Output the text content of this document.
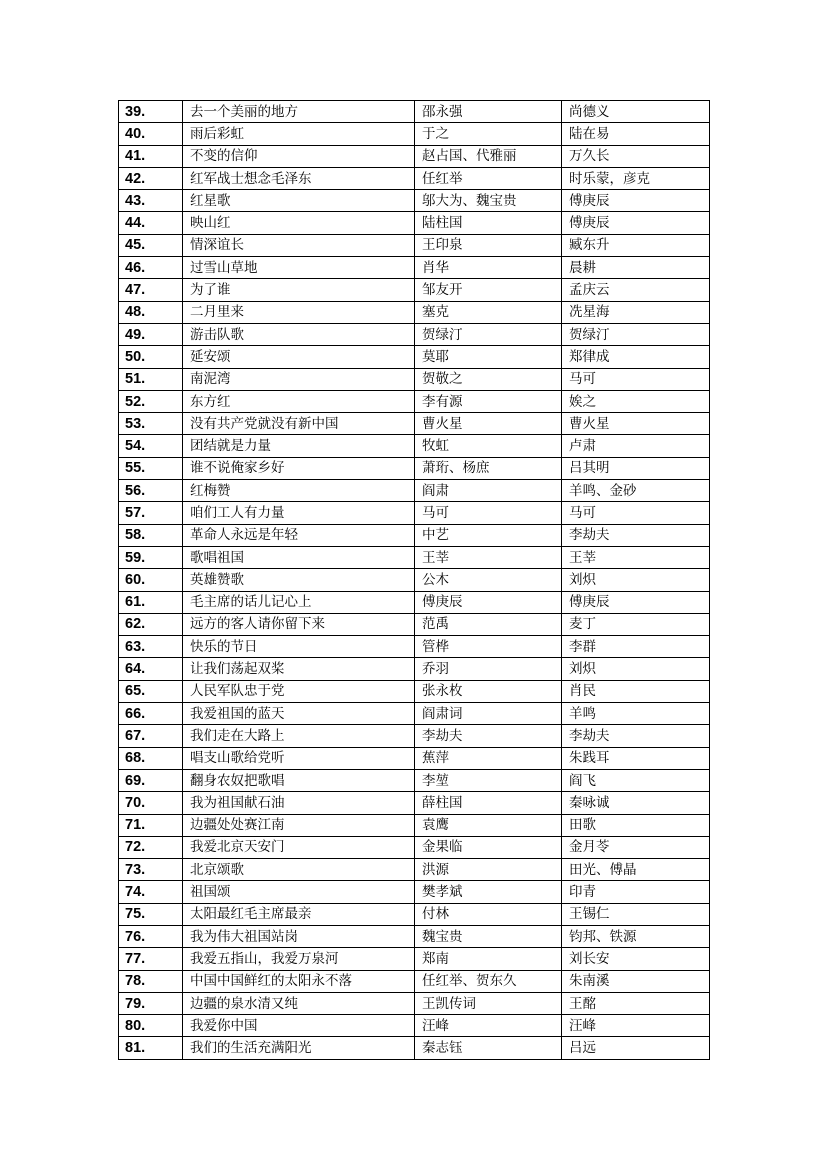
39.	去一个美丽的地方	邵永强	尚德义
40.	雨后彩虹	于之	陆在易
41.	不变的信仰	赵占国、代雅丽	万久长
42.	红军战士想念毛泽东	任红举	时乐蒙，彦克
43.	红星歌	邬大为、魏宝贵	傅庚辰
44.	映山红	陆柱国	傅庚辰
45.	情深谊长	王印泉	臧东升
46.	过雪山草地	肖华	晨耕
47.	为了谁	邹友开	孟庆云
48.	二月里来	塞克	冼星海
49.	游击队歌	贺绿汀	贺绿汀
50.	延安颂	莫耶	郑律成
51.	南泥湾	贺敬之	马可
52.	东方红	李有源	娭之
53.	没有共产党就没有新中国	曹火星	曹火星
54.	团结就是力量	牧虹	卢肃
55.	谁不说俺家乡好	萧珩、杨庶	吕其明
56.	红梅赞	阎肃	羊鸣、金砂
57.	咱们工人有力量	马可	马可
58.	革命人永远是年轻	中艺	李劫夫
59.	歌唱祖国	王莘	王莘
60.	英雄赞歌	公木	刘炽
61.	毛主席的话儿记心上	傅庚辰	傅庚辰
62.	远方的客人请你留下来	范禹	麦丁
63.	快乐的节日	管桦	李群
64.	让我们荡起双桨	乔羽	刘炽
65.	人民军队忠于党	张永枚	肖民
66.	我爱祖国的蓝天	阎肃词	羊鸣
67.	我们走在大路上	李劫夫	李劫夫
68.	唱支山歌给党听	蕉萍	朱践耳
69.	翻身农奴把歌唱	李堃	阎飞
70.	我为祖国献石油	薛柱国	秦咏诚
71.	边疆处处赛江南	袁鹰	田歌
72.	我爱北京天安门	金果临	金月苓
73.	北京颂歌	洪源	田光、傅晶
74.	祖国颂	樊孝斌	印青
75.	太阳最红毛主席最亲	付林	王锡仁
76.	我为伟大祖国站岗	魏宝贵	钧邦、铁源
77.	我爱五指山，我爱万泉河	郑南	刘长安
78.	中国中国鲜红的太阳永不落	任红举、贺东久	朱南溪
79.	边疆的泉水清又纯	王凯传词	王酩
80.	我爱你中国	汪峰	汪峰
81.	我们的生活充满阳光	秦志钰	吕远
